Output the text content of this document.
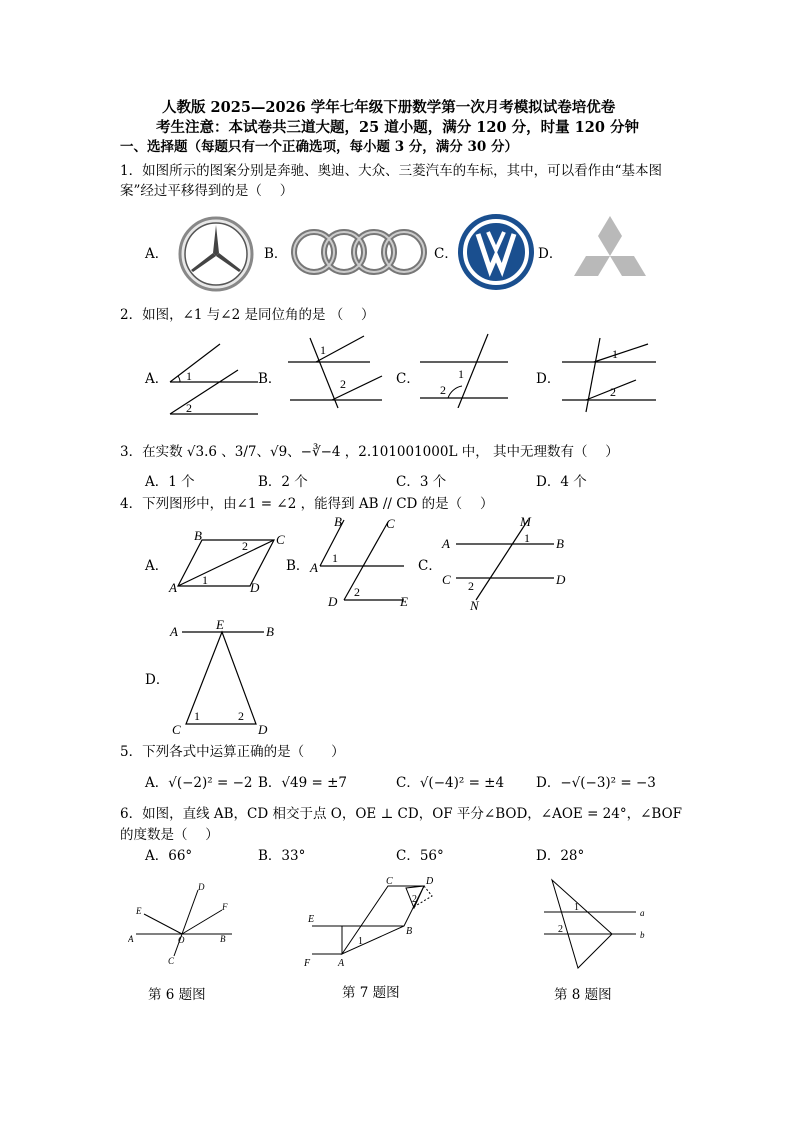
人教版 2025—2026 学年七年级下册数学第一次月考模拟试卷培优卷
考生注意：本试卷共三道大题，25 道小题，满分 120 分，时量 120 分钟
一、选择题（每题只有一个正确选项，每小题 3 分，满分 30 分）
1．如图所示的图案分别是奔驰、奥迪、大众、三菱汽车的车标，其中，可以看作由“基本图
案”经过平移得到的是（　 ）
A．	B．	C．	D．
2．如图，∠1 与∠2 是同位角的是 （　 ）
A． 1
2
B．
1
2	C．	1
2
D．
1
2
3．在实数 √3.6 、3/7、√9、−∛−4 ，2.101001000L 中， 其中无理数有（　 ）
A．1 个	B．2 个	C．3 个	D．4 个
4．下列图形中，由∠1 = ∠2 ，能得到 AB // CD 的是（　 ）
A．
A
B	C
D
1
2
B． A
B	C
D	E
1
2
C．
A	B
C	D
M
N
1
2
D．
A	B
E
C	D
1	2
5．下列各式中运算正确的是（　　）
A．√(−2)² = −2 B．√49 = ±7	C．√(−4)² = ±4 D．−√(−3)² = −3
6．如图，直线 AB，CD 相交于点 O，OE ⊥ CD，OF 平分∠BOD，∠AOE = 24°，∠BOF
的度数是（　 ）
A．66°	B．33°	C．56°	D．28°
A	B
C
D
E	F
O
第 6 题图
E
F	A
B
C	D
1
2
第 7 题图
a
b
1
2
第 8 题图
